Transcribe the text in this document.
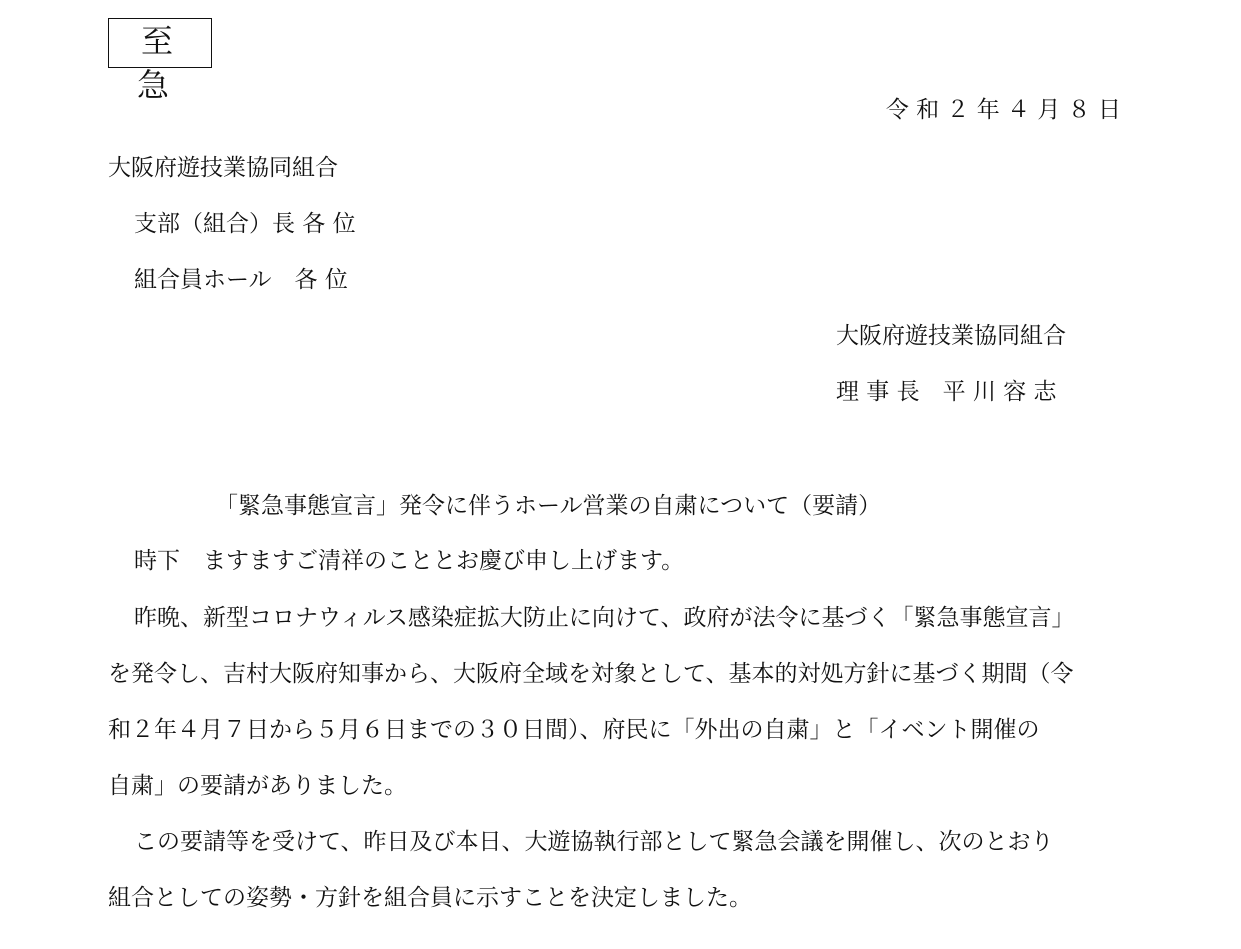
至 急
令 和 ２ 年 ４ 月 ８ 日
大阪府遊技業協同組合
支部（組合）長 各 位
組合員ホール　各 位
大阪府遊技業協同組合
理 事 長　平 川 容 志
「緊急事態宣言」発令に伴うホール営業の自粛について（要請）
時下　ますますご清祥のこととお慶び申し上げます。
昨晩、新型コロナウィルス感染症拡大防止に向けて、政府が法令に基づく「緊急事態宣言」
を発令し、吉村大阪府知事から、大阪府全域を対象として、基本的対処方針に基づく期間（令
和２年４月７日から５月６日までの３０日間）、府民に「外出の自粛」と「イベント開催の
自粛」の要請がありました。
この要請等を受けて、昨日及び本日、大遊協執行部として緊急会議を開催し、次のとおり
組合としての姿勢・方針を組合員に示すことを決定しました。
